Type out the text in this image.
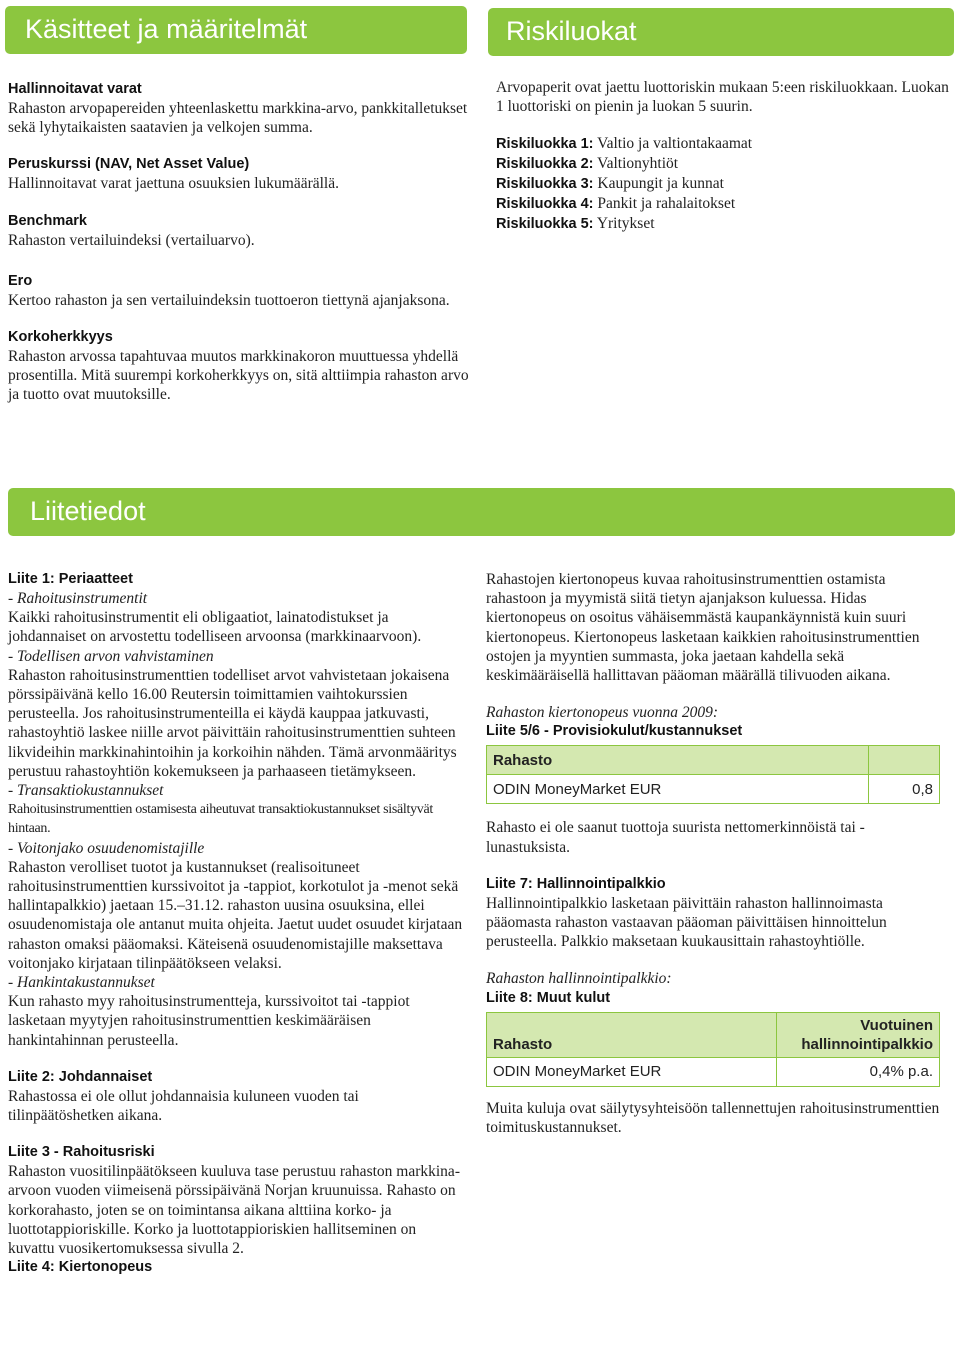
Käsitteet ja määritelmät	Riskiluokat
Liitetiedot
Hallinnoitavat varat

Rahaston arvopapereiden yhteenlaskettu markkina-arvo, pankkitalletukset sekä lyhytaikaisten saatavien ja velkojen summa.

Peruskurssi (NAV, Net Asset Value)

Hallinnoitavat varat jaettuna osuuksien lukumäärällä.

Benchmark

Rahaston vertailuindeksi (vertailuarvo).

Ero

Kertoo rahaston ja sen vertailuindeksin tuottoeron tiettynä ajanjaksona.

Korkoherkkyys

Rahaston arvossa tapahtuvaa muutos markkinakoron muuttuessa yhdellä prosentilla. Mitä suurempi korkoherkkyys on, sitä alttiimpia rahaston arvo ja tuotto ovat muutoksille.

Arvopaperit ovat jaettu luottoriskin mukaan 5:een riskiluokkaan. Luokan 1 luottoriski on pienin ja luokan 5 suurin.

Riskiluokka 1: Valtio ja valtiontakaamat
Riskiluokka 2: Valtionyhtiöt
Riskiluokka 3: Kaupungit ja kunnat
Riskiluokka 4: Pankit ja rahalaitokset
Riskiluokka 5: Yritykset
Liite 1: Periaatteet
- Rahoitusinstrumentit

Kaikki rahoitusinstrumentit eli obligaatiot, lainatodistukset ja johdannaiset on arvostettu todelliseen arvoonsa (markkinaarvoon).

- Todellisen arvon vahvistaminen

Rahaston rahoitusinstrumenttien todelliset arvot vahvistetaan jokaisena pörssipäivänä kello 16.00 Reutersin toimittamien vaihtokurssien perusteella. Jos rahoitusinstrumenteilla ei käydä kauppaa jatkuvasti, rahastoyhtiö laskee niille arvot päivittäin rahoitusinstrumenttien suhteen likvideihin markkinahintoihin ja korkoihin nähden. Tämä arvonmääritys perustuu rahastoyhtiön kokemukseen ja parhaaseen tietämykseen.

- Transaktiokustannukset

Rahoitusinstrumenttien ostamisesta aiheutuvat transaktiokustannukset sisältyvät hintaan.

- Voitonjako osuudenomistajille

Rahaston verolliset tuotot ja kustannukset (realisoituneet rahoitusinstrumenttien kurssivoitot ja -tappiot, korkotulot ja -menot sekä hallintapalkkio) jaetaan 15.–31.12. rahaston uusina osuuksina, ellei osuudenomistaja ole antanut muita ohjeita. Jaetut uudet osuudet kirjataan rahaston omaksi pääomaksi. Käteisenä osuudenomistajille maksettava voitonjako kirjataan tilinpäätökseen velaksi.

- Hankintakustannukset

Kun rahasto myy rahoitusinstrumentteja, kurssivoitot tai -tappiot lasketaan myytyjen rahoitusinstrumenttien keskimääräisen hankintahinnan perusteella.

Liite 2: Johdannaiset

Rahastossa ei ole ollut johdannaisia kuluneen vuoden tai tilinpäätöshetken aikana.

Liite 3 - Rahoitusriski

Rahaston vuositilinpäätökseen kuuluva tase perustuu rahaston markkina-arvoon vuoden viimeisenä pörssipäivänä Norjan kruunuissa. Rahasto on korkorahasto, joten se on toimintansa aikana alttiina korko- ja luottotappioriskille. Korko ja luottotappioriskien hallitseminen on kuvattu vuosikertomuksessa sivulla 2.

Liite 4: Kiertonopeus

Rahastojen kiertonopeus kuvaa rahoitusinstrumenttien ostamista rahastoon ja myymistä siitä tietyn ajanjakson kuluessa. Hidas kiertonopeus on osoitus vähäisemmästä kaupankäynnistä kuin suuri kiertonopeus. Kiertonopeus lasketaan kaikkien rahoitusinstrumenttien ostojen ja myyntien summasta, joka jaetaan kahdella sekä keskimääräisellä hallittavan pääoman määrällä tilivuoden aikana.

Rahaston kiertonopeus vuonna 2009:
Liite 5/6 - Provisiokulut/kustannukset
Rahasto	
ODIN MoneyMarket EUR	0,8

Rahasto ei ole saanut tuottoja suurista nettomerkinnöistä tai -lunastuksista.

Liite 7: Hallinnointipalkkio

Hallinnointipalkkio lasketaan päivittäin rahaston hallinnoimasta pääomasta rahaston vastaavan pääoman päivittäisen hinnoittelun perusteella. Palkkio maksetaan kuukausittain rahastoyhtiölle.

Rahaston hallinnointipalkkio:
Liite 8: Muut kulut
Rahasto	Vuotuinen hallinnointipalkkio
ODIN MoneyMarket EUR	0,4% p.a.

Muita kuluja ovat säilytysyhteisöön tallennettujen rahoitusinstrumenttien toimituskustannukset.
